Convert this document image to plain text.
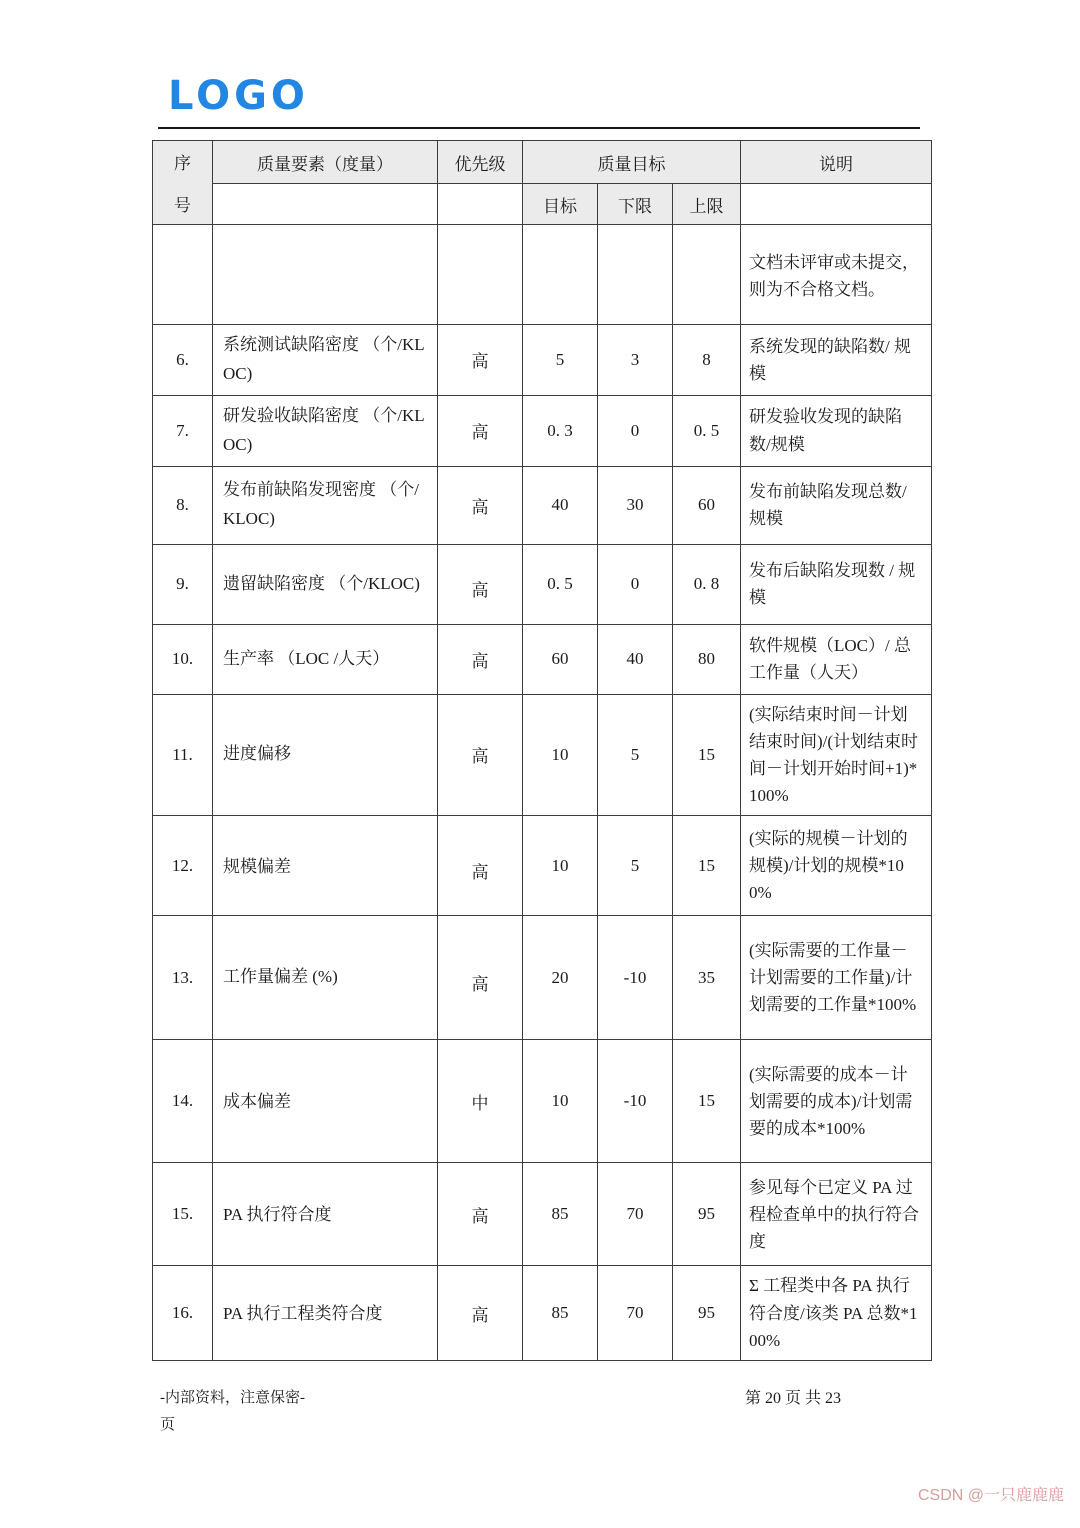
LOGO
序
号	质量要素（度量）	优先级	质量目标			说明
			目标	下限	上限	
						文档未评审或未提交，则为不合格文档。
6.	系统测试缺陷密度 （个/KLOC)	高	5	3	8	系统发现的缺陷数/ 规模
7.	研发验收缺陷密度 （个/KLOC)	高	0. 3	0	0. 5	研发验收发现的缺陷数/规模
8.	发布前缺陷发现密度 （个/KLOC)	高	40	30	60	发布前缺陷发现总数/ 规模
9.	遗留缺陷密度 （个/KLOC)	高	0. 5	0	0. 8	发布后缺陷发现数 / 规模
10.	生产率 （LOC /人天）	高	60	40	80	软件规模（LOC）/ 总工作量（人天）
11.	进度偏移	高	10	5	15	(实际结束时间－计划结束时间)/(计划结束时间－计划开始时间+1)*100%
12.	规模偏差	高	10	5	15	(实际的规模－计划的规模)/计划的规模*100%
13.	工作量偏差 (%)	高	20	-10	35	(实际需要的工作量－计划需要的工作量)/计划需要的工作量*100%
14.	成本偏差	中	10	-10	15	(实际需要的成本－计划需要的成本)/计划需要的成本*100%
15.	PA 执行符合度	高	85	70	95	参见每个已定义 PA 过程检查单中的执行符合度
16.	PA 执行工程类符合度	高	85	70	95	Σ 工程类中各 PA 执行符合度/该类 PA 总数*100%
-内部资料，注意保密-
页
第 20 页 共 23
CSDN @一只鹿鹿鹿
